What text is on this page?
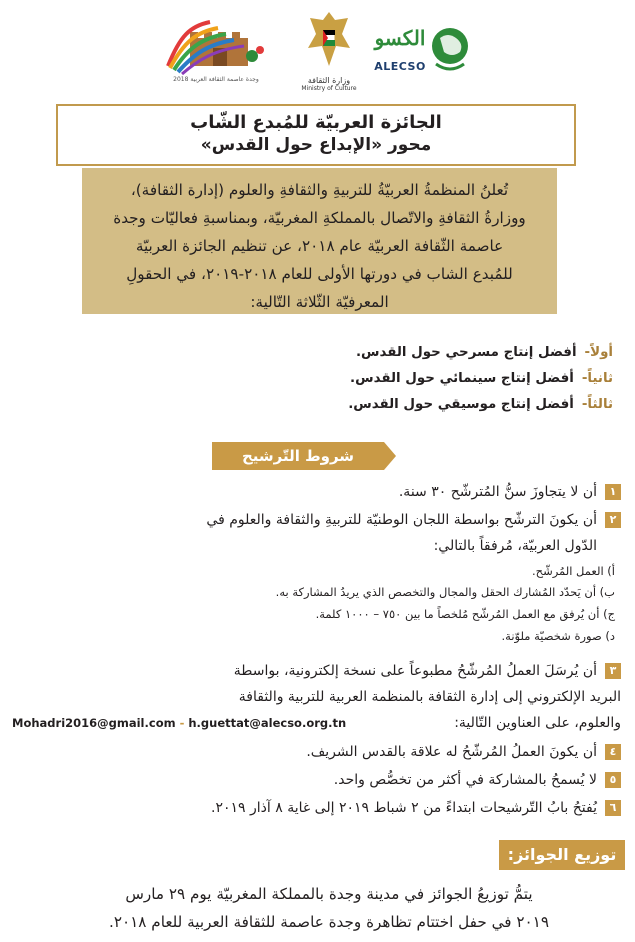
وجدة عاصمة الثقافة العربية 2018	وزارة الثقافة
Ministry of Culture
الكسو
ALECSO
الجائزة العربيّة للمُبدع الشّاب
محور «الإبداع حول القدس»

تُعلنُ المنظمةُ العربيّةُ للتربيةِ والثقافةِ والعلوم (إدارة الثقافة)،

ووزارةُ الثقافةِ والاتّصال بالمملكةِ المغربيّة، وبمناسبةِ فعاليّات وجدة

عاصمة الثّقافة العربيّة عام ٢٠١٨، عن تنظيم الجائزة العربيّة

للمُبدع الشاب في دورتها الأولى للعام ٢٠١٨-٢٠١٩، في الحقولِ

المعرفيّة الثّلاثة التّالية:

أولاً-أفضل إنتاج مسرحي حول القدس.
ثانياً-أفضل إنتاج سينمائي حول القدس.
ثالثاً-أفضل إنتاج موسيقي حول القدس.
شروط التّرشيح
١أن لا يتجاوزَ سنُّ المُترشّح ٣٠ سنة.
٢أن يكونَ الترشّح بواسطة اللجان الوطنيّة للتربيةِ والثقافة والعلوم في
الدّول العربيّة، مُرفقاً بالتالي:
أ) العمل المُرشّح.
ب) أن يَحدّد المُشارك الحقل والمجال والتخصص الذي يريدُ المشاركة به.
ج) أن يُرفق مع العمل المُرشّح مُلخصاً ما بين ٧٥٠ – ١٠٠٠ كلمة.
د) صورة شخصيّة ملوّنة.
٣أن يُرسَلَ العملُ المُرشّحُ مطبوعاً على نسخة إلكترونية، بواسطة
البريد الإلكتروني إلى إدارة الثقافة بالمنظمة العربية للتربية والثقافة
والعلوم، على العناوين التّالية:
Mohadri2016@gmail.com - h.guettat@alecso.org.tn
٤أن يكونَ العملُ المُرشّحُ له علاقة بالقدس الشريف.
٥لا يُسمحُ بالمشاركة في أكثر من تخصُّص واحد.
٦يُفتحُ بابُ التّرشيحات ابتداءً من ٢ شباط ٢٠١٩ إلى غاية ٨ آذار ٢٠١٩.
توزيع الجوائز:
يتمُّ توزيعُ الجوائز في مدينة وجدة بالمملكة المغربيّة يوم ٢٩ مارس
٢٠١٩ في حفل اختتام تظاهرة وجدة عاصمة للثقافة العربية للعام ٢٠١٨.
